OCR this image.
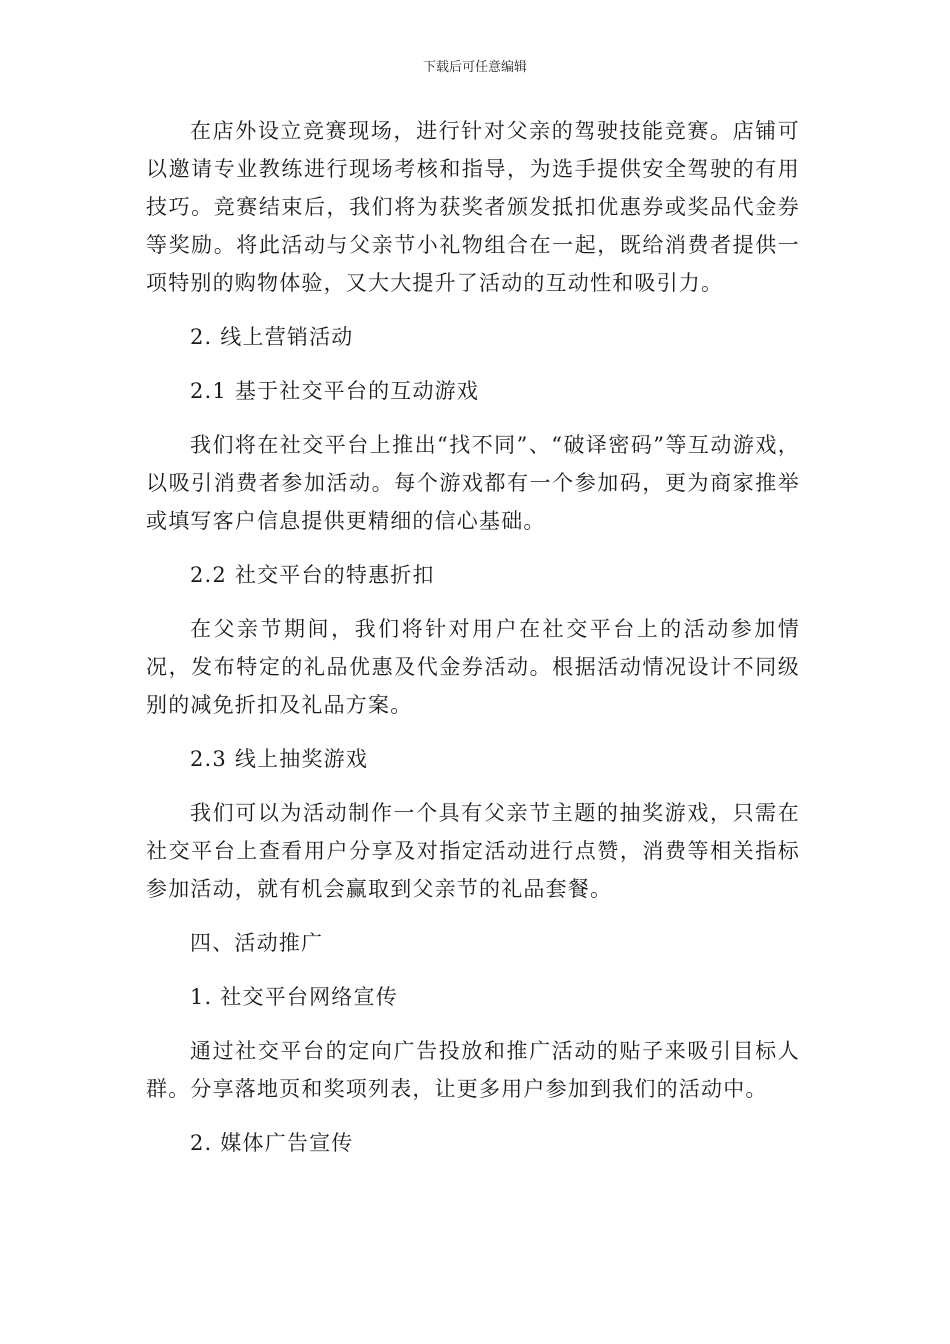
下载后可任意编辑

在店外设立竞赛现场，进行针对父亲的驾驶技能竞赛。店铺可以邀请专业教练进行现场考核和指导，为选手提供安全驾驶的有用技巧。竞赛结束后，我们将为获奖者颁发抵扣优惠券或奖品代金券等奖励。将此活动与父亲节小礼物组合在一起，既给消费者提供一项特别的购物体验，又大大提升了活动的互动性和吸引力。

2. 线上营销活动

2.1 基于社交平台的互动游戏

我们将在社交平台上推出“找不同”、“破译密码”等互动游戏，以吸引消费者参加活动。每个游戏都有一个参加码，更为商家推举或填写客户信息提供更精细的信心基础。

2.2 社交平台的特惠折扣

在父亲节期间，我们将针对用户在社交平台上的活动参加情况，发布特定的礼品优惠及代金券活动。根据活动情况设计不同级别的减免折扣及礼品方案。

2.3 线上抽奖游戏

我们可以为活动制作一个具有父亲节主题的抽奖游戏，只需在社交平台上查看用户分享及对指定活动进行点赞，消费等相关指标参加活动，就有机会赢取到父亲节的礼品套餐。

四、活动推广

1. 社交平台网络宣传

通过社交平台的定向广告投放和推广活动的贴子来吸引目标人群。分享落地页和奖项列表，让更多用户参加到我们的活动中。

2. 媒体广告宣传
